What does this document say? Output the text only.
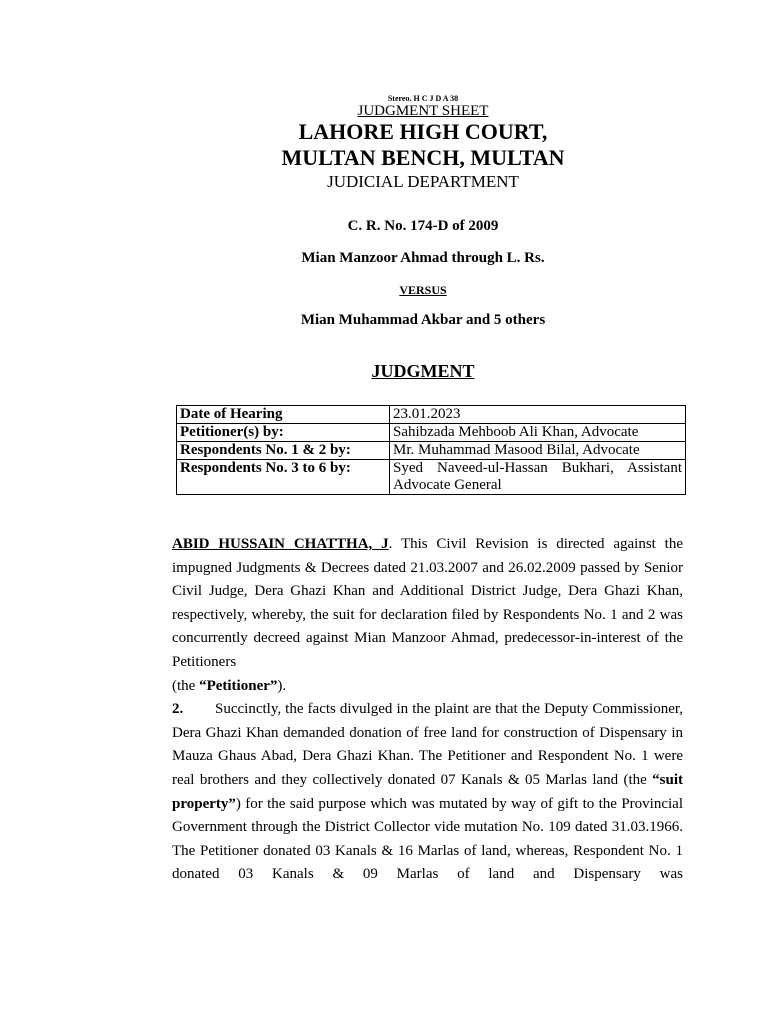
Stereo. H C J D A 38
JUDGMENT SHEET
LAHORE HIGH COURT,
MULTAN BENCH, MULTAN
JUDICIAL DEPARTMENT
C. R. No. 174-D of 2009
Mian Manzoor Ahmad through L. Rs.
VERSUS
Mian Muhammad Akbar and 5 others
JUDGMENT
Date of Hearing	23.01.2023
Petitioner(s) by:	Sahibzada Mehboob Ali Khan, Advocate
Respondents No. 1 & 2 by:	Mr. Muhammad Masood Bilal, Advocate
Respondents No. 3 to 6 by:	Syed Naveed-ul-Hassan Bukhari, Assistant Advocate General

ABID HUSSAIN CHATTHA, J. This Civil Revision is directed against the impugned Judgments & Decrees dated 21.03.2007 and 26.02.2009 passed by Senior Civil Judge, Dera Ghazi Khan and Additional District Judge, Dera Ghazi Khan, respectively, whereby, the suit for declaration filed by Respondents No. 1 and 2 was concurrently decreed against Mian Manzoor Ahmad, predecessor-in-interest of the Petitioners

(the “Petitioner”).

2. Succinctly, the facts divulged in the plaint are that the Deputy Commissioner, Dera Ghazi Khan demanded donation of free land for construction of Dispensary in Mauza Ghaus Abad, Dera Ghazi Khan. The Petitioner and Respondent No. 1 were real brothers and they collectively donated 07 Kanals & 05 Marlas land (the “suit property”) for the said purpose which was mutated by way of gift to the Provincial Government through the District Collector vide mutation No. 109 dated 31.03.1966. The Petitioner donated 03 Kanals & 16 Marlas of land, whereas, Respondent No. 1 donated 03 Kanals & 09 Marlas of land and Dispensary was
